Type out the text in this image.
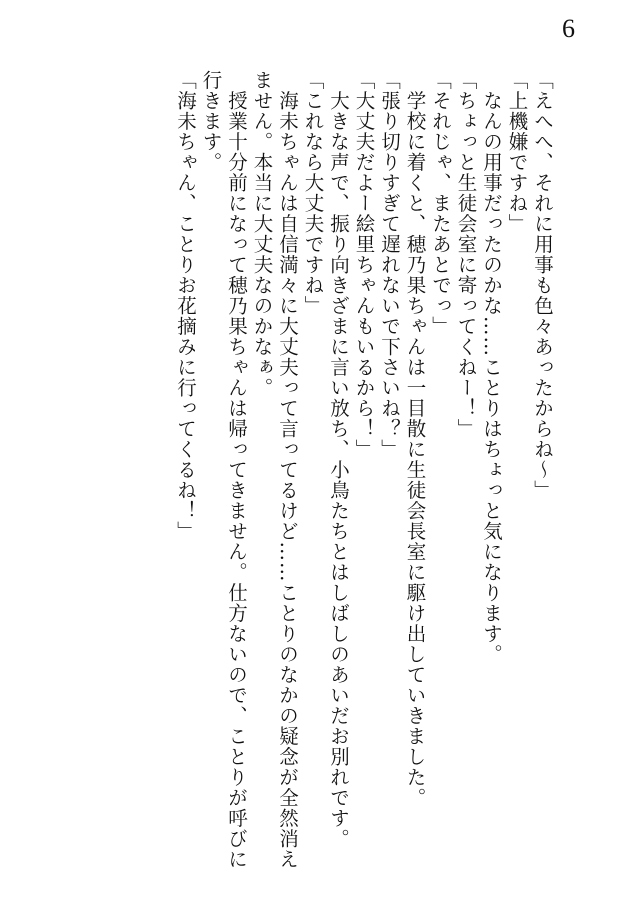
6
「えへへ、それに用事も色々あったからね～」
「上機嫌ですね」
　なんの用事だったのかな……ことりはちょっと気になります。
「ちょっと生徒会室に寄ってくねー！」
「それじゃ、またあとでっ」
　学校に着くと、穂乃果ちゃんは一目散に生徒会長室に駆け出していきました。
「張り切りすぎて遅れないで下さいね？」
「大丈夫だよー絵里ちゃんもいるから！」
　大きな声で、振り向きざまに言い放ち、小鳥たちとはしばしのあいだお別れです。
「これなら大丈夫ですね」
　海未ちゃんは自信満々に大丈夫って言ってるけど……ことりのなかの疑念が全然消え
ません。本当に大丈夫なのかなぁ。
　授業十分前になって穂乃果ちゃんは帰ってきません。仕方ないので、ことりが呼びに
行きます。
「海未ちゃん、ことりお花摘みに行ってくるね！」
